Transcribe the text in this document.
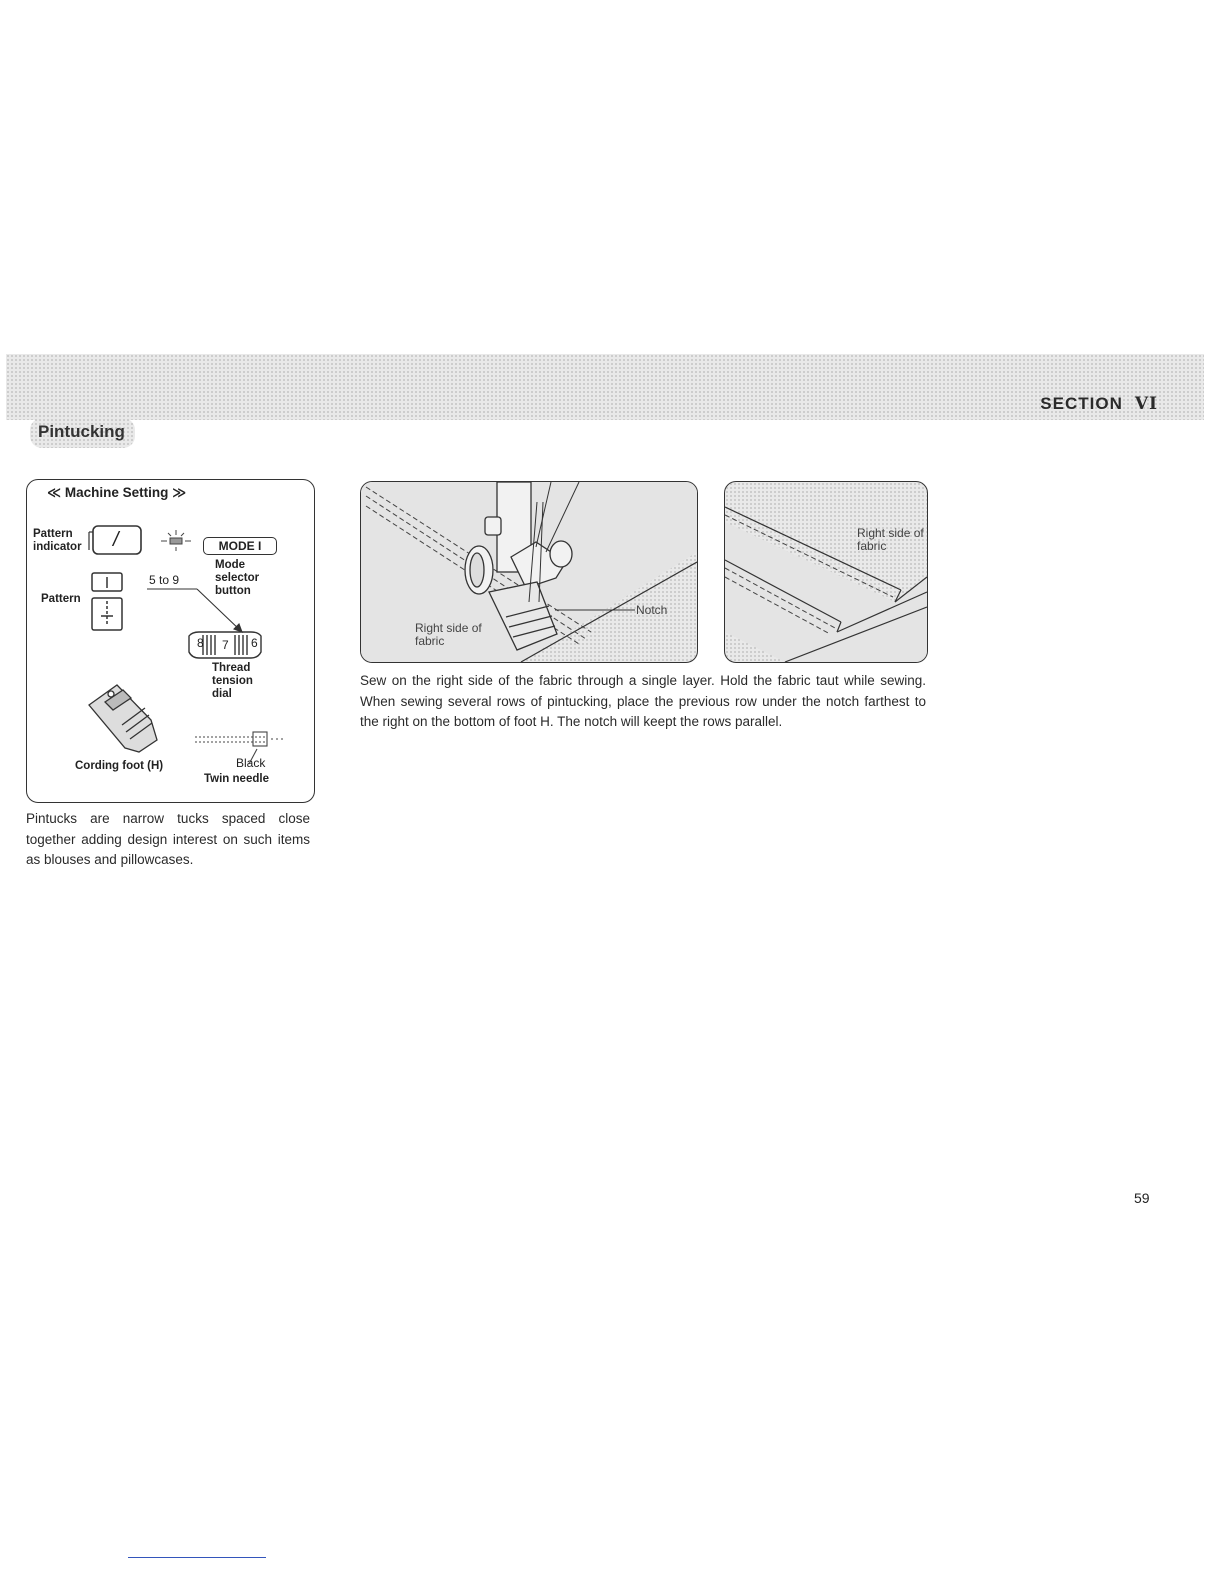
SECTION VI
Pintucking
≪ Machine Setting ≫
Pattern indicator	/	MODE I
Mode selector button
Pattern
5 to 9
8 7 6
Thread tension dial
Cording foot (H)	Black
Twin needle
Pintucks are narrow tucks spaced close together adding design interest on such items as blouses and pillowcases.
Notch
Right side of fabric
Right side of fabric
Sew on the right side of the fabric through a single layer. Hold the fabric taut while sewing. When sewing several rows of pintucking, place the previous row under the notch farthest to the right on the bottom of foot H. The notch will keept the rows parallel.
59
